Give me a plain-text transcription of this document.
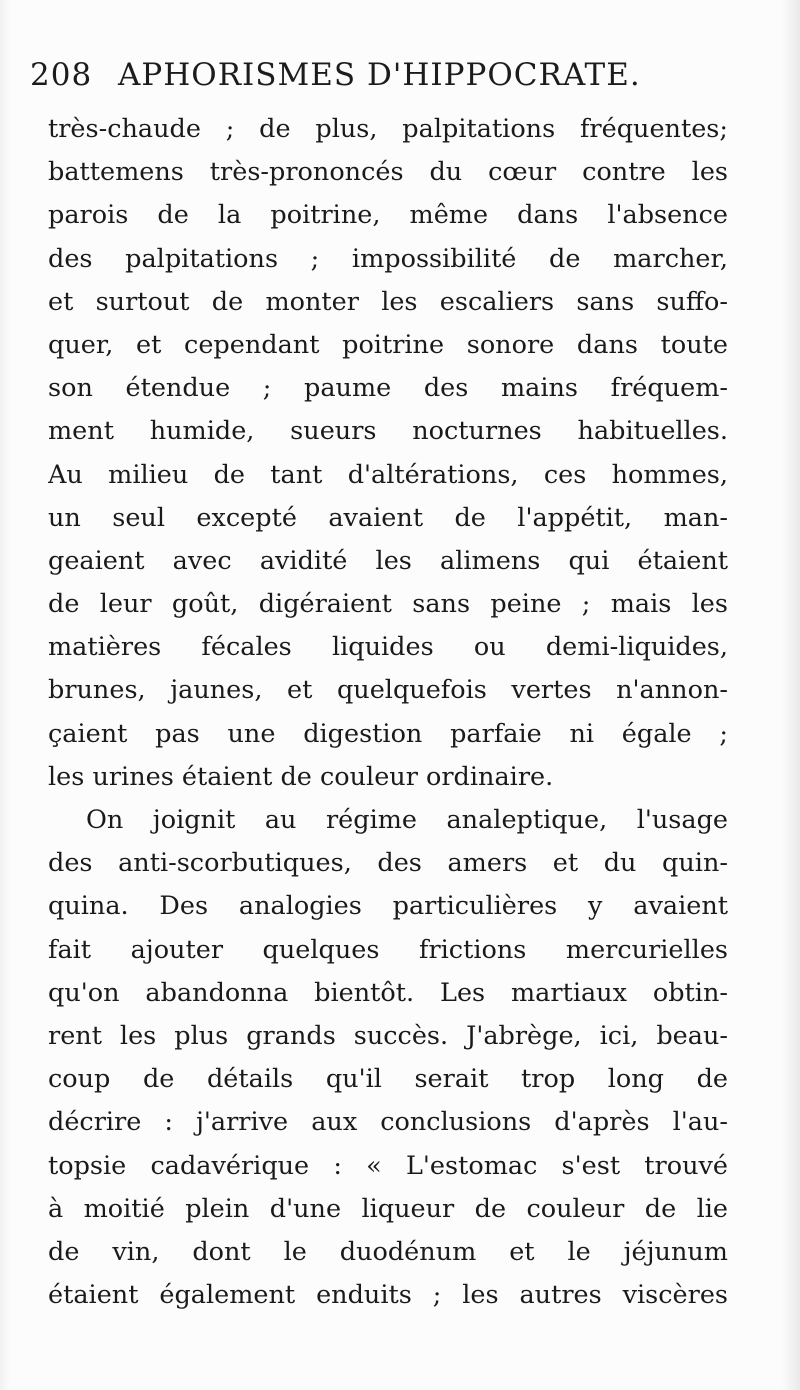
208 APHORISMES D'HIPPOCRATE.
très-chaude ; de plus, palpitations fréquentes;
battemens très-prononcés du cœur contre les
parois de la poitrine, même dans l'absence
des palpitations ; impossibilité de marcher,
et surtout de monter les escaliers sans suffo-
quer, et cependant poitrine sonore dans toute
son étendue ; paume des mains fréquem-
ment humide, sueurs nocturnes habituelles.
Au milieu de tant d'altérations, ces hommes,
un seul excepté avaient de l'appétit, man-
geaient avec avidité les alimens qui étaient
de leur goût, digéraient sans peine ; mais les
matières fécales liquides ou demi-liquides,
brunes, jaunes, et quelquefois vertes n'annon-
çaient pas une digestion parfaie ni égale ;
les urines étaient de couleur ordinaire.
On joignit au régime analeptique, l'usage
des anti-scorbutiques, des amers et du quin-
quina. Des analogies particulières y avaient
fait ajouter quelques frictions mercurielles
qu'on abandonna bientôt. Les martiaux obtin-
rent les plus grands succès. J'abrège, ici, beau-
coup de détails qu'il serait trop long de
décrire : j'arrive aux conclusions d'après l'au-
topsie cadavérique : « L'estomac s'est trouvé
à moitié plein d'une liqueur de couleur de lie
de vin, dont le duodénum et le jéjunum
étaient également enduits ; les autres viscères
